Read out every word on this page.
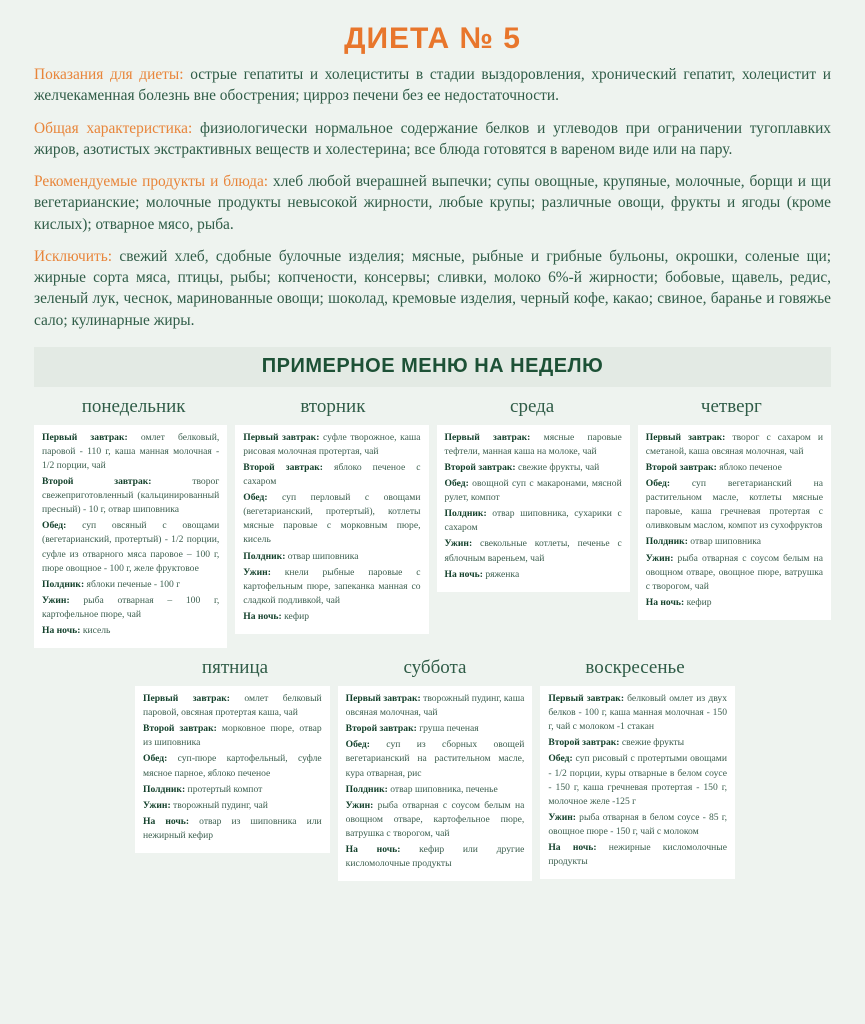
ДИЕТА № 5

Показания для диеты: острые гепатиты и холециститы в стадии выздоровления, хронический гепатит, холецистит и желчекаменная болезнь вне обострения; цирроз печени без ее недостаточности.

Общая характеристика: физиологически нормальное содержание белков и углеводов при ограничении тугоплавких жиров, азотистых экстрактивных веществ и холестерина; все блюда готовятся в вареном виде или на пару.

Рекомендуемые продукты и блюда: хлеб любой вчерашней выпечки; супы овощные, крупяные, молочные, борщи и щи вегетарианские; молочные продукты невысокой жирности, любые крупы; различные овощи, фрукты и ягоды (кроме кислых); отварное мясо, рыба.

Исключить: свежий хлеб, сдобные булочные изделия; мясные, рыбные и грибные бульоны, окрошки, соленые щи; жирные сорта мяса, птицы, рыбы; копчености, консервы; сливки, молоко 6%-й жирности; бобовые, щавель, редис, зеленый лук, чеснок, маринованные овощи; шоколад, кремовые изделия, черный кофе, какао; свиное, баранье и говяжье сало; кулинарные жиры.

ПРИМЕРНОЕ МЕНЮ НА НЕДЕЛЮ
понедельник	вторник	среда	четверг

Первый завтрак: омлет белковый, паровой - 110 г, каша манная молочная - 1/2 порции, чай

Второй завтрак: творог свежеприготовленный (кальцинированный пресный) - 10 г, отвар шиповника

Обед: суп овсяный с овощами (вегетарианский, протертый) - 1/2 порции, суфле из отварного мяса паровое – 100 г, пюре овощное - 100 г, желе фруктовое

Полдник: яблоки печеные - 100 г

Ужин: рыба отварная – 100 г, картофельное пюре, чай

На ночь: кисель

Первый завтрак: суфле творожное, каша рисовая молочная протертая, чай

Второй завтрак: яблоко печеное с сахаром

Обед: суп перловый с овощами (вегетарианский, протертый), котлеты мясные паровые с морковным пюре, кисель

Полдник: отвар шиповника

Ужин: кнели рыбные паровые с картофельным пюре, запеканка манная со сладкой подливкой, чай

На ночь: кефир

Первый завтрак: мясные паровые тефтели, манная каша на молоке, чай

Второй завтрак: свежие фрукты, чай

Обед: овощной суп с макаронами, мясной рулет, компот

Полдник: отвар шиповника, сухарики с сахаром

Ужин: свекольные котлеты, печенье с яблочным вареньем, чай

На ночь: ряженка

Первый завтрак: творог с сахаром и сметаной, каша овсяная молочная, чай

Второй завтрак: яблоко печеное

Обед: суп вегетарианский на растительном масле, котлеты мясные паровые, каша гречневая протертая с оливковым маслом, компот из сухофруктов

Полдник: отвар шиповника

Ужин: рыба отварная с соусом белым на овощном отваре, овощное пюре, ватрушка с творогом, чай

На ночь: кефир

пятница	суббота	воскресенье

Первый завтрак: омлет белковый паровой, овсяная протертая каша, чай

Второй завтрак: морковное пюре, отвар из шиповника

Обед: суп-пюре картофельный, суфле мясное парное, яблоко печеное

Полдник: протертый компот

Ужин: творожный пудинг, чай

На ночь: отвар из шиповника или нежирный кефир

Первый завтрак: творожный пудинг, каша овсяная молочная, чай

Второй завтрак: груша печеная

Обед: суп из сборных овощей вегетарианский на растительном масле, кура отварная, рис

Полдник: отвар шиповника, печенье

Ужин: рыба отварная с соусом белым на овощном отваре, картофельное пюре, ватрушка с творогом, чай

На ночь: кефир или другие кисломолочные продукты

Первый завтрак: белковый омлет из двух белков - 100 г, каша манная молочная - 150 г, чай с молоком -1 стакан

Второй завтрак: свежие фрукты

Обед: суп рисовый с протертыми овощами - 1/2 порции, куры отварные в белом соусе - 150 г, каша гречневая протертая - 150 г, молочное желе -125 г

Ужин: рыба отварная в белом соусе - 85 г, овощное пюре - 150 г, чай с молоком

На ночь: нежирные кисломолочные продукты
